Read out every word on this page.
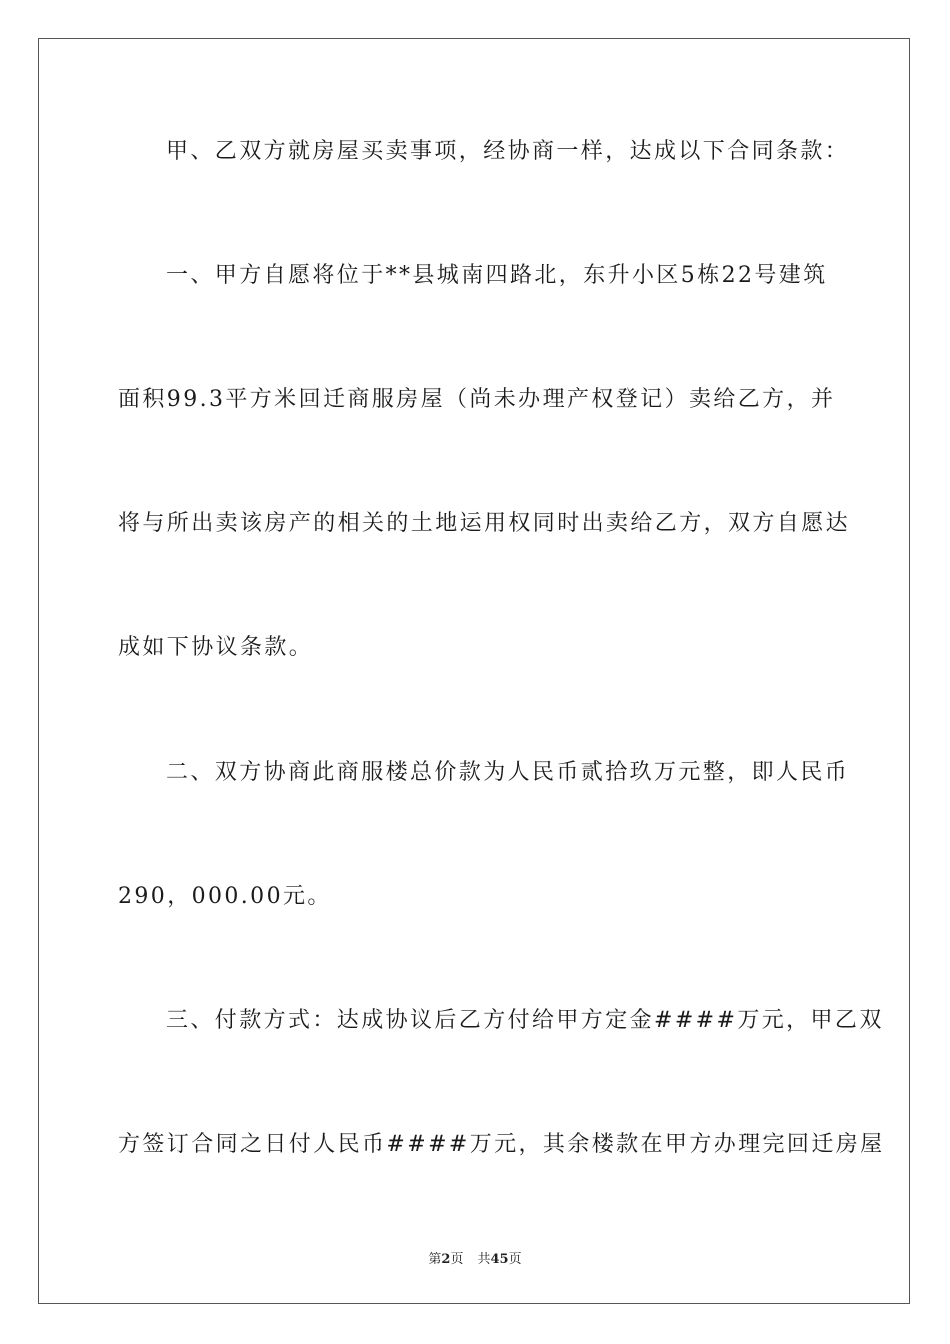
甲、乙双方就房屋买卖事项，经协商一样，达成以下合同条款：
一、甲方自愿将位于**县城南四路北，东升小区5栋22号建筑
面积99.3平方米回迁商服房屋（尚未办理产权登记）卖给乙方，并
将与所出卖该房产的相关的土地运用权同时出卖给乙方，双方自愿达
成如下协议条款。
二、双方协商此商服楼总价款为人民币贰拾玖万元整，即人民币
290，000.00元。
三、付款方式：达成协议后乙方付给甲方定金####万元，甲乙双
方签订合同之日付人民币####万元，其余楼款在甲方办理完回迁房屋
第2页 共45页
